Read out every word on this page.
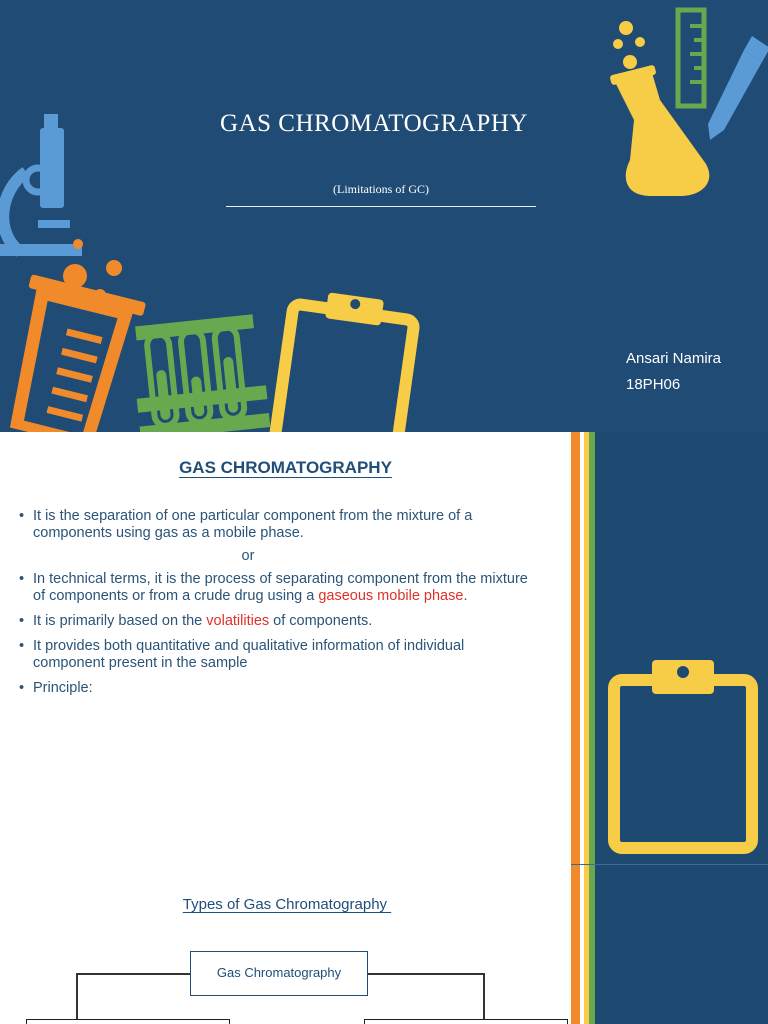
GAS CHROMATOGRAPHY
(Limitations of GC)
Ansari Namira
18PH06
GAS CHROMATOGRAPHY
• It is the separation of one particular component from the mixture of a components using gas as a mobile phase.
or
• In technical terms, it is the process of separating component from the mixture of components or from a crude drug using a gaseous mobile phase.
• It is primarily based on the volatilities of components.
• It provides both quantitative and qualitative information of individual component present in the sample
• Principle:
Types of Gas Chromatography
Gas Chromatography
